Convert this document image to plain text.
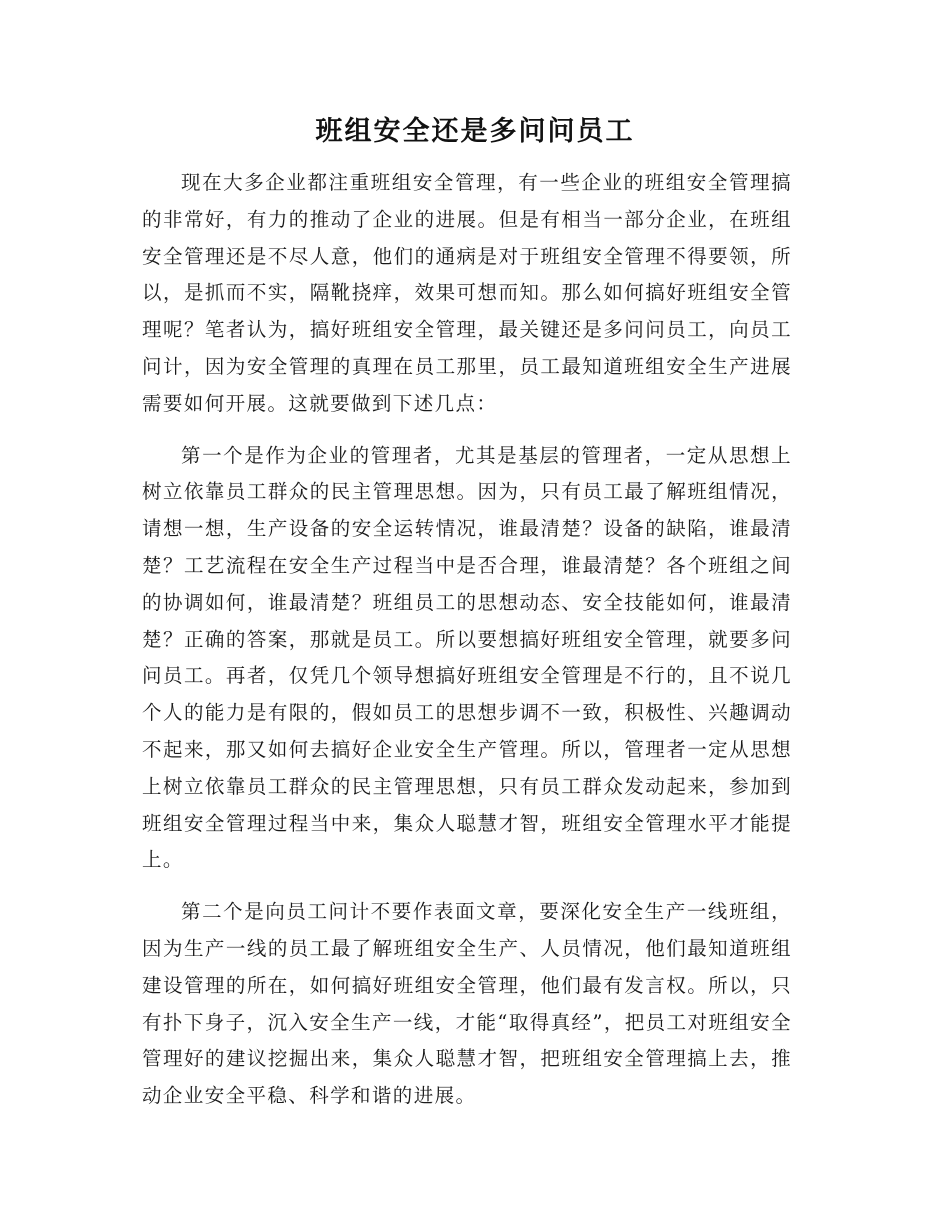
班组安全还是多问问员工

现在大多企业都注重班组安全管理，有一些企业的班组安全管理搞的非常好，有力的推动了企业的进展。但是有相当一部分企业，在班组安全管理还是不尽人意，他们的通病是对于班组安全管理不得要领，所以，是抓而不实，隔靴挠痒，效果可想而知。那么如何搞好班组安全管理呢？笔者认为，搞好班组安全管理，最关键还是多问问员工，向员工问计，因为安全管理的真理在员工那里，员工最知道班组安全生产进展需要如何开展。这就要做到下述几点：

第一个是作为企业的管理者，尤其是基层的管理者，一定从思想上树立依靠员工群众的民主管理思想。因为，只有员工最了解班组情况，请想一想，生产设备的安全运转情况，谁最清楚？设备的缺陷，谁最清楚？工艺流程在安全生产过程当中是否合理，谁最清楚？各个班组之间的协调如何，谁最清楚？班组员工的思想动态、安全技能如何，谁最清楚？正确的答案，那就是员工。所以要想搞好班组安全管理，就要多问问员工。再者，仅凭几个领导想搞好班组安全管理是不行的，且不说几个人的能力是有限的，假如员工的思想步调不一致，积极性、兴趣调动不起来，那又如何去搞好企业安全生产管理。所以，管理者一定从思想上树立依靠员工群众的民主管理思想，只有员工群众发动起来，参加到班组安全管理过程当中来，集众人聪慧才智，班组安全管理水平才能提上。

第二个是向员工问计不要作表面文章，要深化安全生产一线班组，因为生产一线的员工最了解班组安全生产、人员情况，他们最知道班组建设管理的所在，如何搞好班组安全管理，他们最有发言权。所以，只有扑下身子，沉入安全生产一线，才能“取得真经”，把员工对班组安全管理好的建议挖掘出来，集众人聪慧才智，把班组安全管理搞上去，推动企业安全平稳、科学和谐的进展。
